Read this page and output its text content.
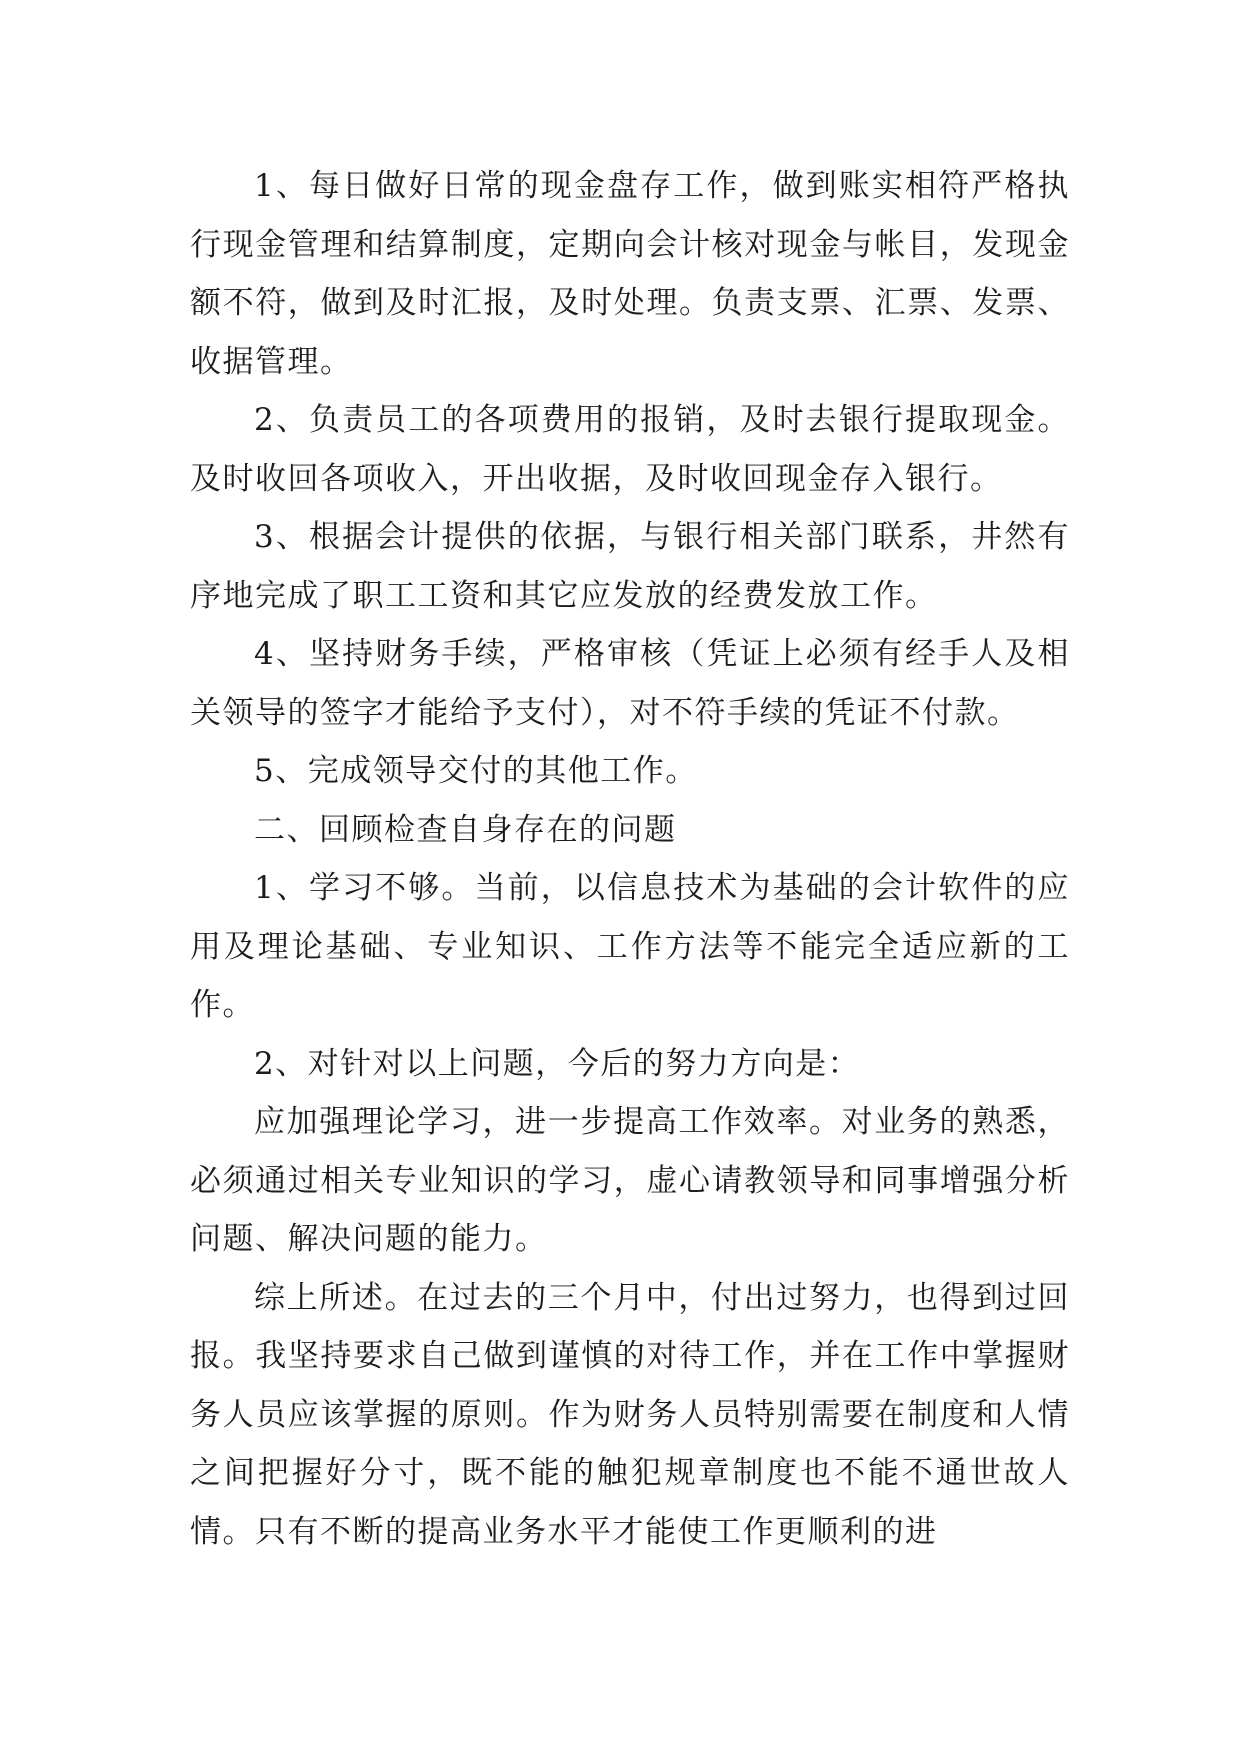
1、每日做好日常的现金盘存工作，做到账实相符严格执行现金管理和结算制度，定期向会计核对现金与帐目，发现金额不符，做到及时汇报，及时处理。负责支票、汇票、发票、收据管理。

2、负责员工的各项费用的报销，及时去银行提取现金。及时收回各项收入，开出收据，及时收回现金存入银行。

3、根据会计提供的依据，与银行相关部门联系，井然有序地完成了职工工资和其它应发放的经费发放工作。

4、坚持财务手续，严格审核（凭证上必须有经手人及相关领导的签字才能给予支付），对不符手续的凭证不付款。

5、完成领导交付的其他工作。

二、回顾检查自身存在的问题

1、学习不够。当前，以信息技术为基础的会计软件的应用及理论基础、专业知识、工作方法等不能完全适应新的工作。

2、对针对以上问题，今后的努力方向是：

应加强理论学习，进一步提高工作效率。对业务的熟悉，必须通过相关专业知识的学习，虚心请教领导和同事增强分析问题、解决问题的能力。

综上所述。在过去的三个月中，付出过努力，也得到过回报。我坚持要求自己做到谨慎的对待工作，并在工作中掌握财务人员应该掌握的原则。作为财务人员特别需要在制度和人情之间把握好分寸，既不能的触犯规章制度也不能不通世故人情。只有不断的提高业务水平才能使工作更顺利的进
